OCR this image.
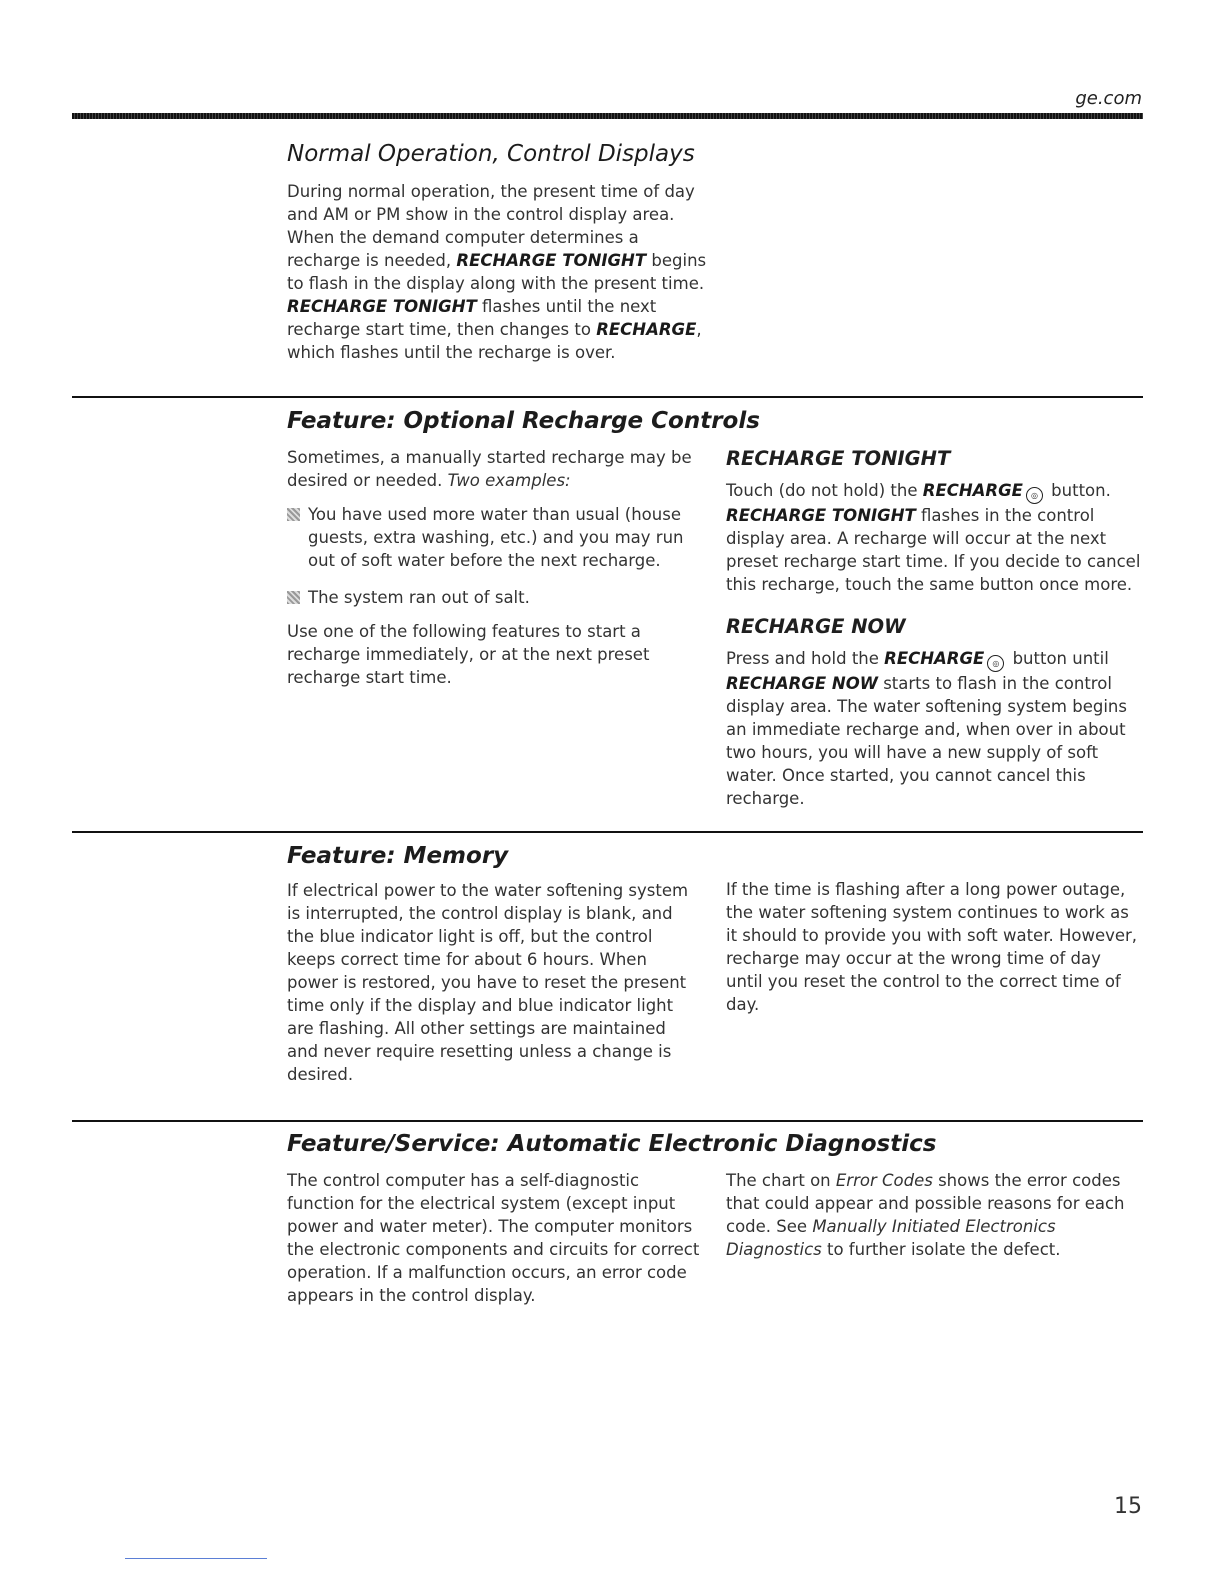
ge.com
Normal Operation, Control Displays

During normal operation, the present time of day and AM or PM show in the control display area. When the demand computer determines a recharge is needed, RECHARGE TONIGHT begins to flash in the display along with the present time. RECHARGE TONIGHT flashes until the next recharge start time, then changes to RECHARGE, which flashes until the recharge is over.

Feature: Optional Recharge Controls

Sometimes, a manually started recharge may be desired or needed. Two examples:

You have used more water than usual (house guests, extra washing, etc.) and you may run out of soft water before the next recharge.

The system ran out of salt.

Use one of the following features to start a recharge immediately, or at the next preset recharge start time.

RECHARGE TONIGHT

Touch (do not hold) the RECHARGE ◎ button. RECHARGE TONIGHT flashes in the control display area. A recharge will occur at the next preset recharge start time. If you decide to cancel this recharge, touch the same button once more.

RECHARGE NOW

Press and hold the RECHARGE ◎ button until RECHARGE NOW starts to flash in the control display area. The water softening system begins an immediate recharge and, when over in about two hours, you will have a new supply of soft water. Once started, you cannot cancel this recharge.

Feature: Memory

If electrical power to the water softening system is interrupted, the control display is blank, and the blue indicator light is off, but the control keeps correct time for about 6 hours. When power is restored, you have to reset the present time only if the display and blue indicator light are flashing. All other settings are maintained and never require resetting unless a change is desired.

If the time is flashing after a long power outage, the water softening system continues to work as it should to provide you with soft water. However, recharge may occur at the wrong time of day until you reset the control to the correct time of day.

Feature/Service: Automatic Electronic Diagnostics

The control computer has a self-diagnostic function for the electrical system (except input power and water meter). The computer monitors the electronic components and circuits for correct operation. If a malfunction occurs, an error code appears in the control display.

The chart on Error Codes shows the error codes that could appear and possible reasons for each code. See Manually Initiated Electronics Diagnostics to further isolate the defect.

15
